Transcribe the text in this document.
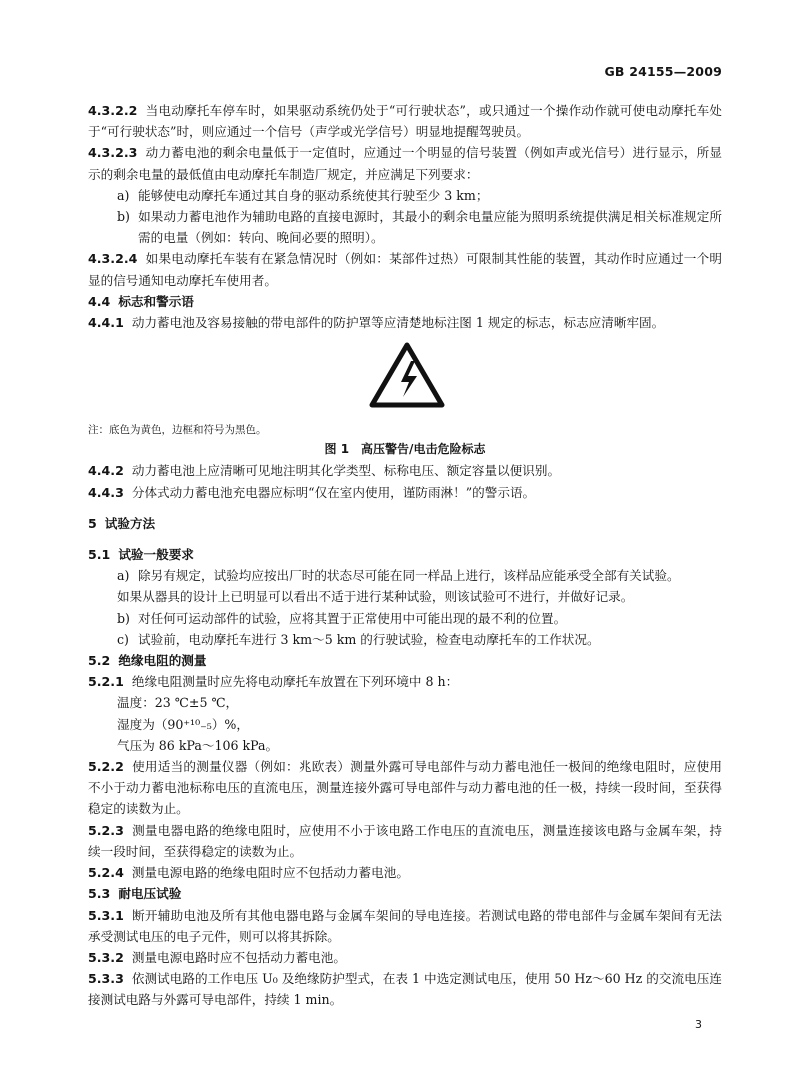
GB 24155—2009

4.3.2.2 当电动摩托车停车时，如果驱动系统仍处于“可行驶状态”，或只通过一个操作动作就可使电动摩托车处于“可行驶状态”时，则应通过一个信号（声学或光学信号）明显地提醒驾驶员。

4.3.2.3 动力蓄电池的剩余电量低于一定值时，应通过一个明显的信号装置（例如声或光信号）进行显示，所显示的剩余电量的最低值由电动摩托车制造厂规定，并应满足下列要求：

a) 能够使电动摩托车通过其自身的驱动系统使其行驶至少 3 km；

b) 如果动力蓄电池作为辅助电路的直接电源时，其最小的剩余电量应能为照明系统提供满足相关标准规定所需的电量（例如：转向、晚间必要的照明）。

4.3.2.4 如果电动摩托车装有在紧急情况时（例如：某部件过热）可限制其性能的装置，其动作时应通过一个明显的信号通知电动摩托车使用者。

4.4 标志和警示语

4.4.1 动力蓄电池及容易接触的带电部件的防护罩等应清楚地标注图 1 规定的标志，标志应清晰牢固。

注：底色为黄色，边框和符号为黑色。

图 1　高压警告/电击危险标志

4.4.2 动力蓄电池上应清晰可见地注明其化学类型、标称电压、额定容量以便识别。

4.4.3 分体式动力蓄电池充电器应标明“仅在室内使用，谨防雨淋！”的警示语。

5 试验方法

5.1 试验一般要求

a) 除另有规定，试验均应按出厂时的状态尽可能在同一样品上进行，该样品应能承受全部有关试验。

如果从器具的设计上已明显可以看出不适于进行某种试验，则该试验可不进行，并做好记录。

b) 对任何可运动部件的试验，应将其置于正常使用中可能出现的最不利的位置。

c) 试验前，电动摩托车进行 3 km～5 km 的行驶试验，检查电动摩托车的工作状况。

5.2 绝缘电阻的测量

5.2.1 绝缘电阻测量时应先将电动摩托车放置在下列环境中 8 h：

温度：23 ℃±5 ℃，

湿度为（90⁺¹⁰₋₅）%，

气压为 86 kPa～106 kPa。

5.2.2 使用适当的测量仪器（例如：兆欧表）测量外露可导电部件与动力蓄电池任一极间的绝缘电阻时，应使用不小于动力蓄电池标称电压的直流电压，测量连接外露可导电部件与动力蓄电池的任一极，持续一段时间，至获得稳定的读数为止。

5.2.3 测量电器电路的绝缘电阻时，应使用不小于该电路工作电压的直流电压，测量连接该电路与金属车架，持续一段时间，至获得稳定的读数为止。

5.2.4 测量电源电路的绝缘电阻时应不包括动力蓄电池。

5.3 耐电压试验

5.3.1 断开辅助电池及所有其他电器电路与金属车架间的导电连接。若测试电路的带电部件与金属车架间有无法承受测试电压的电子元件，则可以将其拆除。

5.3.2 测量电源电路时应不包括动力蓄电池。

5.3.3 依测试电路的工作电压 U₀ 及绝缘防护型式，在表 1 中选定测试电压，使用 50 Hz～60 Hz 的交流电压连接测试电路与外露可导电部件，持续 1 min。

3
